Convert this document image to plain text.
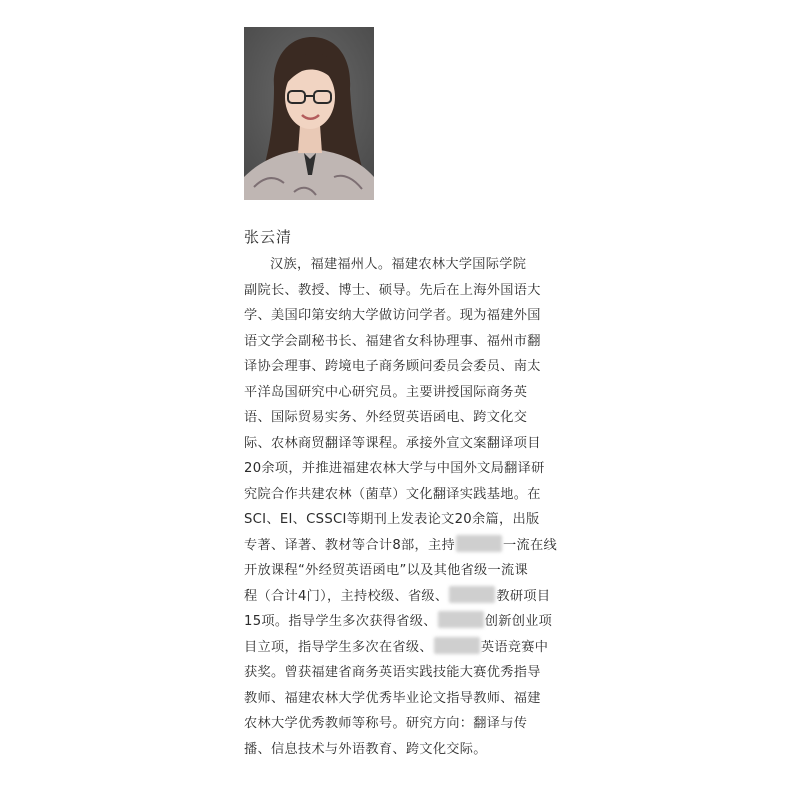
张云清
汉族，福建福州人。福建农林大学国际学院
副院长、教授、博士、硕导。先后在上海外国语大
学、美国印第安纳大学做访问学者。现为福建外国
语文学会副秘书长、福建省女科协理事、福州市翻
译协会理事、跨境电子商务顾问委员会委员、南太
平洋岛国研究中心研究员。主要讲授国际商务英
语、国际贸易实务、外经贸英语函电、跨文化交
际、农林商贸翻译等课程。承接外宣文案翻译项目
20余项，并推进福建农林大学与中国外文局翻译研
究院合作共建农林（菌草）文化翻译实践基地。在
SCI、EI、CSSCI等期刊上发表论文20余篇，出版
专著、译著、教材等合计8部，主持	一流在线
开放课程“外经贸英语函电”以及其他省级一流课
程（合计4门），主持校级、省级、	教研项目
15项。指导学生多次获得省级、	创新创业项
目立项，指导学生多次在省级、	英语竞赛中
获奖。曾获福建省商务英语实践技能大赛优秀指导
教师、福建农林大学优秀毕业论文指导教师、福建
农林大学优秀教师等称号。研究方向：翻译与传
播、信息技术与外语教育、跨文化交际。
